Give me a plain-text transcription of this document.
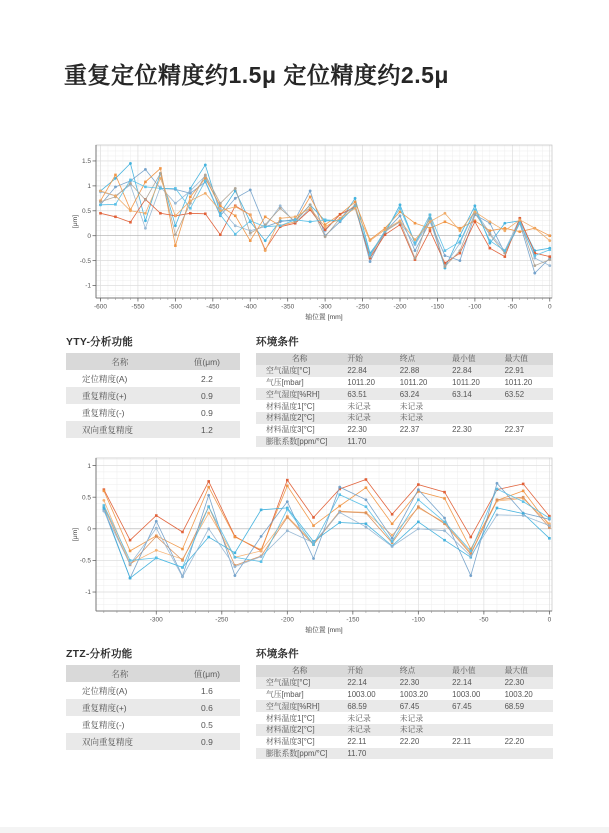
重复定位精度约1.5μ 定位精度约2.5μ
-600	-550	-500	-450	-400	-350	-300	-250	-200	-150	-100	-50	0
-1
-0.5
0
0.5
1
1.5
轴位置 [mm]
[μm]
YTY-分析功能
名称	值(μm)
定位精度(A)	2.2
重复精度(+)	0.9
重复精度(-)	0.9
双向重复精度	1.2
环境条件
名称	开始	终点	最小值	最大值
空气温度[°C]	22.84	22.88	22.84	22.91
气压[mbar]	1011.20	1011.20	1011.20	1011.20
空气湿度[%RH]	63.51	63.24	63.14	63.52
材料温度1[°C]	未记录	未记录		
材料温度2[°C]	未记录	未记录		
材料温度3[°C]	22.30	22.37	22.30	22.37
膨胀系数[ppm/°C]	11.70			
-300	-250	-200	-150	-100	-50	0
-1
-0.5
0
0.5
1
轴位置 [mm]
[μm]
ZTZ-分析功能
名称	值(μm)
定位精度(A)	1.6
重复精度(+)	0.6
重复精度(-)	0.5
双向重复精度	0.9
环境条件
名称	开始	终点	最小值	最大值
空气温度[°C]	22.14	22.30	22.14	22.30
气压[mbar]	1003.00	1003.20	1003.00	1003.20
空气湿度[%RH]	68.59	67.45	67.45	68.59
材料温度1[°C]	未记录	未记录		
材料温度2[°C]	未记录	未记录		
材料温度3[°C]	22.11	22.20	22.11	22.20
膨胀系数[ppm/°C]	11.70			
